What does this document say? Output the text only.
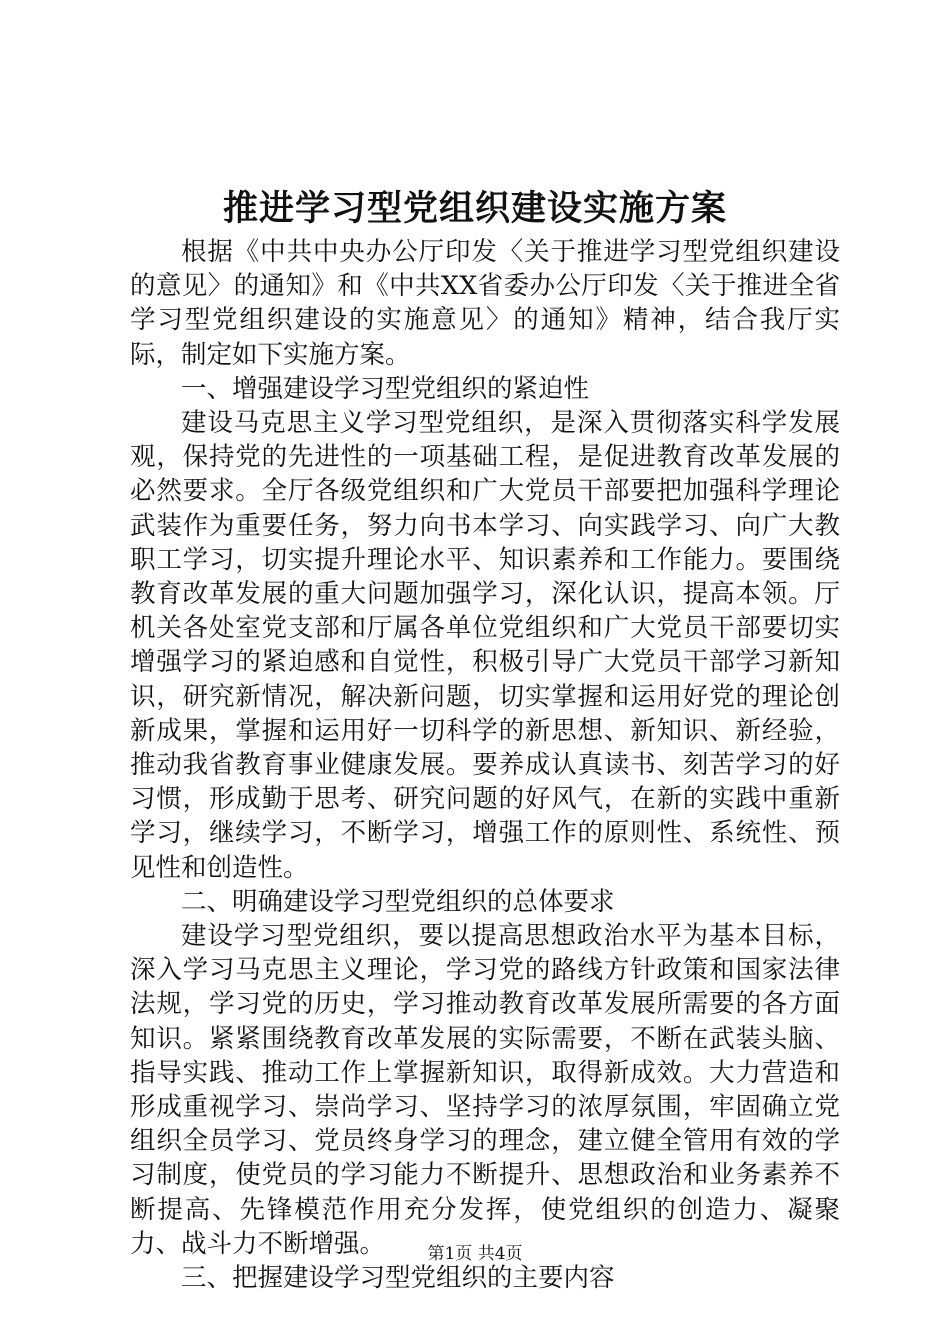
推进学习型党组织建设实施方案

根据《中共中央办公厅印发〈关于推进学习型党组织建设的意见〉的通知》和《中共XX省委办公厅印发〈关于推进全省学习型党组织建设的实施意见〉的通知》精神，结合我厅实际，制定如下实施方案。

一、增强建设学习型党组织的紧迫性

建设马克思主义学习型党组织，是深入贯彻落实科学发展观，保持党的先进性的一项基础工程，是促进教育改革发展的必然要求。全厅各级党组织和广大党员干部要把加强科学理论武装作为重要任务，努力向书本学习、向实践学习、向广大教职工学习，切实提升理论水平、知识素养和工作能力。要围绕教育改革发展的重大问题加强学习，深化认识，提高本领。厅机关各处室党支部和厅属各单位党组织和广大党员干部要切实增强学习的紧迫感和自觉性，积极引导广大党员干部学习新知识，研究新情况，解决新问题，切实掌握和运用好党的理论创新成果，掌握和运用好一切科学的新思想、新知识、新经验，推动我省教育事业健康发展。要养成认真读书、刻苦学习的好习惯，形成勤于思考、研究问题的好风气，在新的实践中重新学习，继续学习，不断学习，增强工作的原则性、系统性、预见性和创造性。

二、明确建设学习型党组织的总体要求

建设学习型党组织，要以提高思想政治水平为基本目标，深入学习马克思主义理论，学习党的路线方针政策和国家法律法规，学习党的历史，学习推动教育改革发展所需要的各方面知识。紧紧围绕教育改革发展的实际需要，不断在武装头脑、指导实践、推动工作上掌握新知识，取得新成效。大力营造和形成重视学习、崇尚学习、坚持学习的浓厚氛围，牢固确立党组织全员学习、党员终身学习的理念，建立健全管用有效的学习制度，使党员的学习能力不断提升、思想政治和业务素养不断提高、先锋模范作用充分发挥，使党组织的创造力、凝聚力、战斗力不断增强。

三、把握建设学习型党组织的主要内容

第1页 共4页
